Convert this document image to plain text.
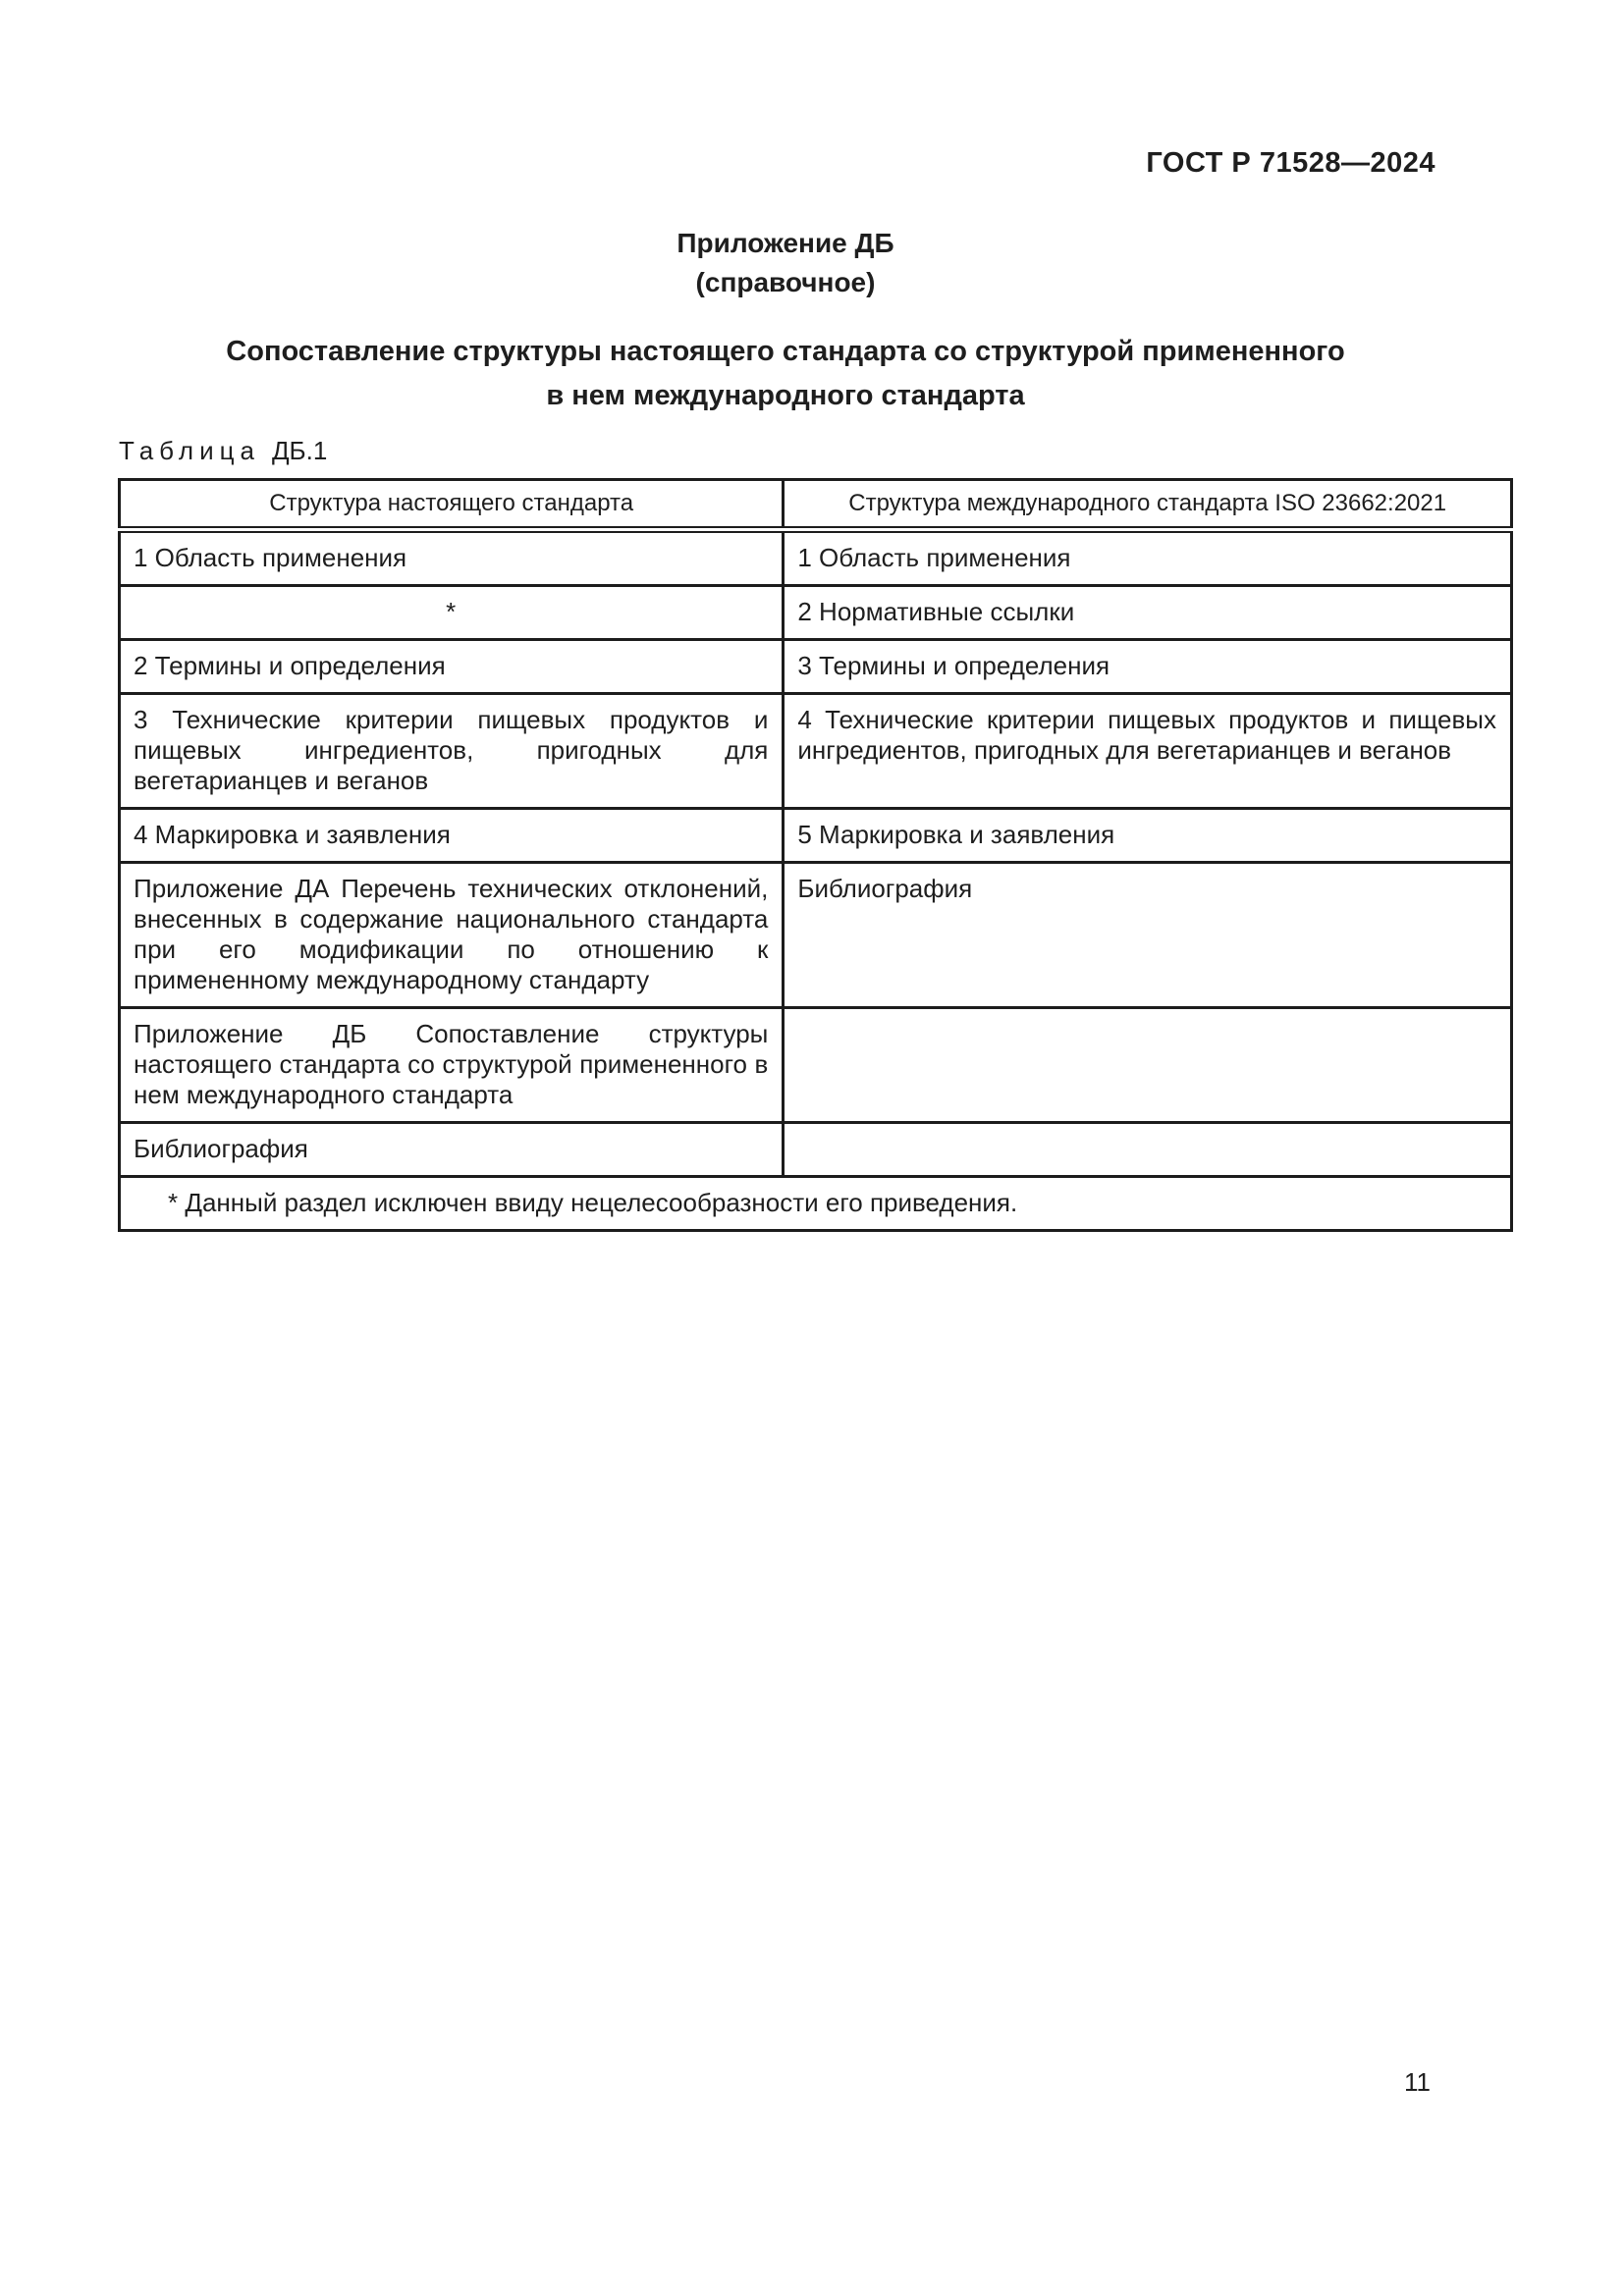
ГОСТ Р 71528—2024
Приложение ДБ
(справочное)
Сопоставление структуры настоящего стандарта со структурой примененного
в нем международного стандарта
Таблица ДБ.1
Структура настоящего стандарта	Структура международного стандарта ISO 23662:2021
1 Область применения	1 Область применения
*	2 Нормативные ссылки
2 Термины и определения	3 Термины и определения
3 Технические критерии пищевых продуктов и пищевых ингредиентов, пригодных для вегетарианцев и веганов	4 Технические критерии пищевых продуктов и пищевых ингредиентов, пригодных для вегетарианцев и веганов
4 Маркировка и заявления	5 Маркировка и заявления
Приложение ДА Перечень технических отклонений, внесенных в содержание национального стандарта при его модификации по отношению к примененному международному стандарту	Библиография
Приложение ДБ Сопоставление структуры настоящего стандарта со структурой примененного в нем международного стандарта	
Библиография	
* Данный раздел исключен ввиду нецелесообразности его приведения.	
11
